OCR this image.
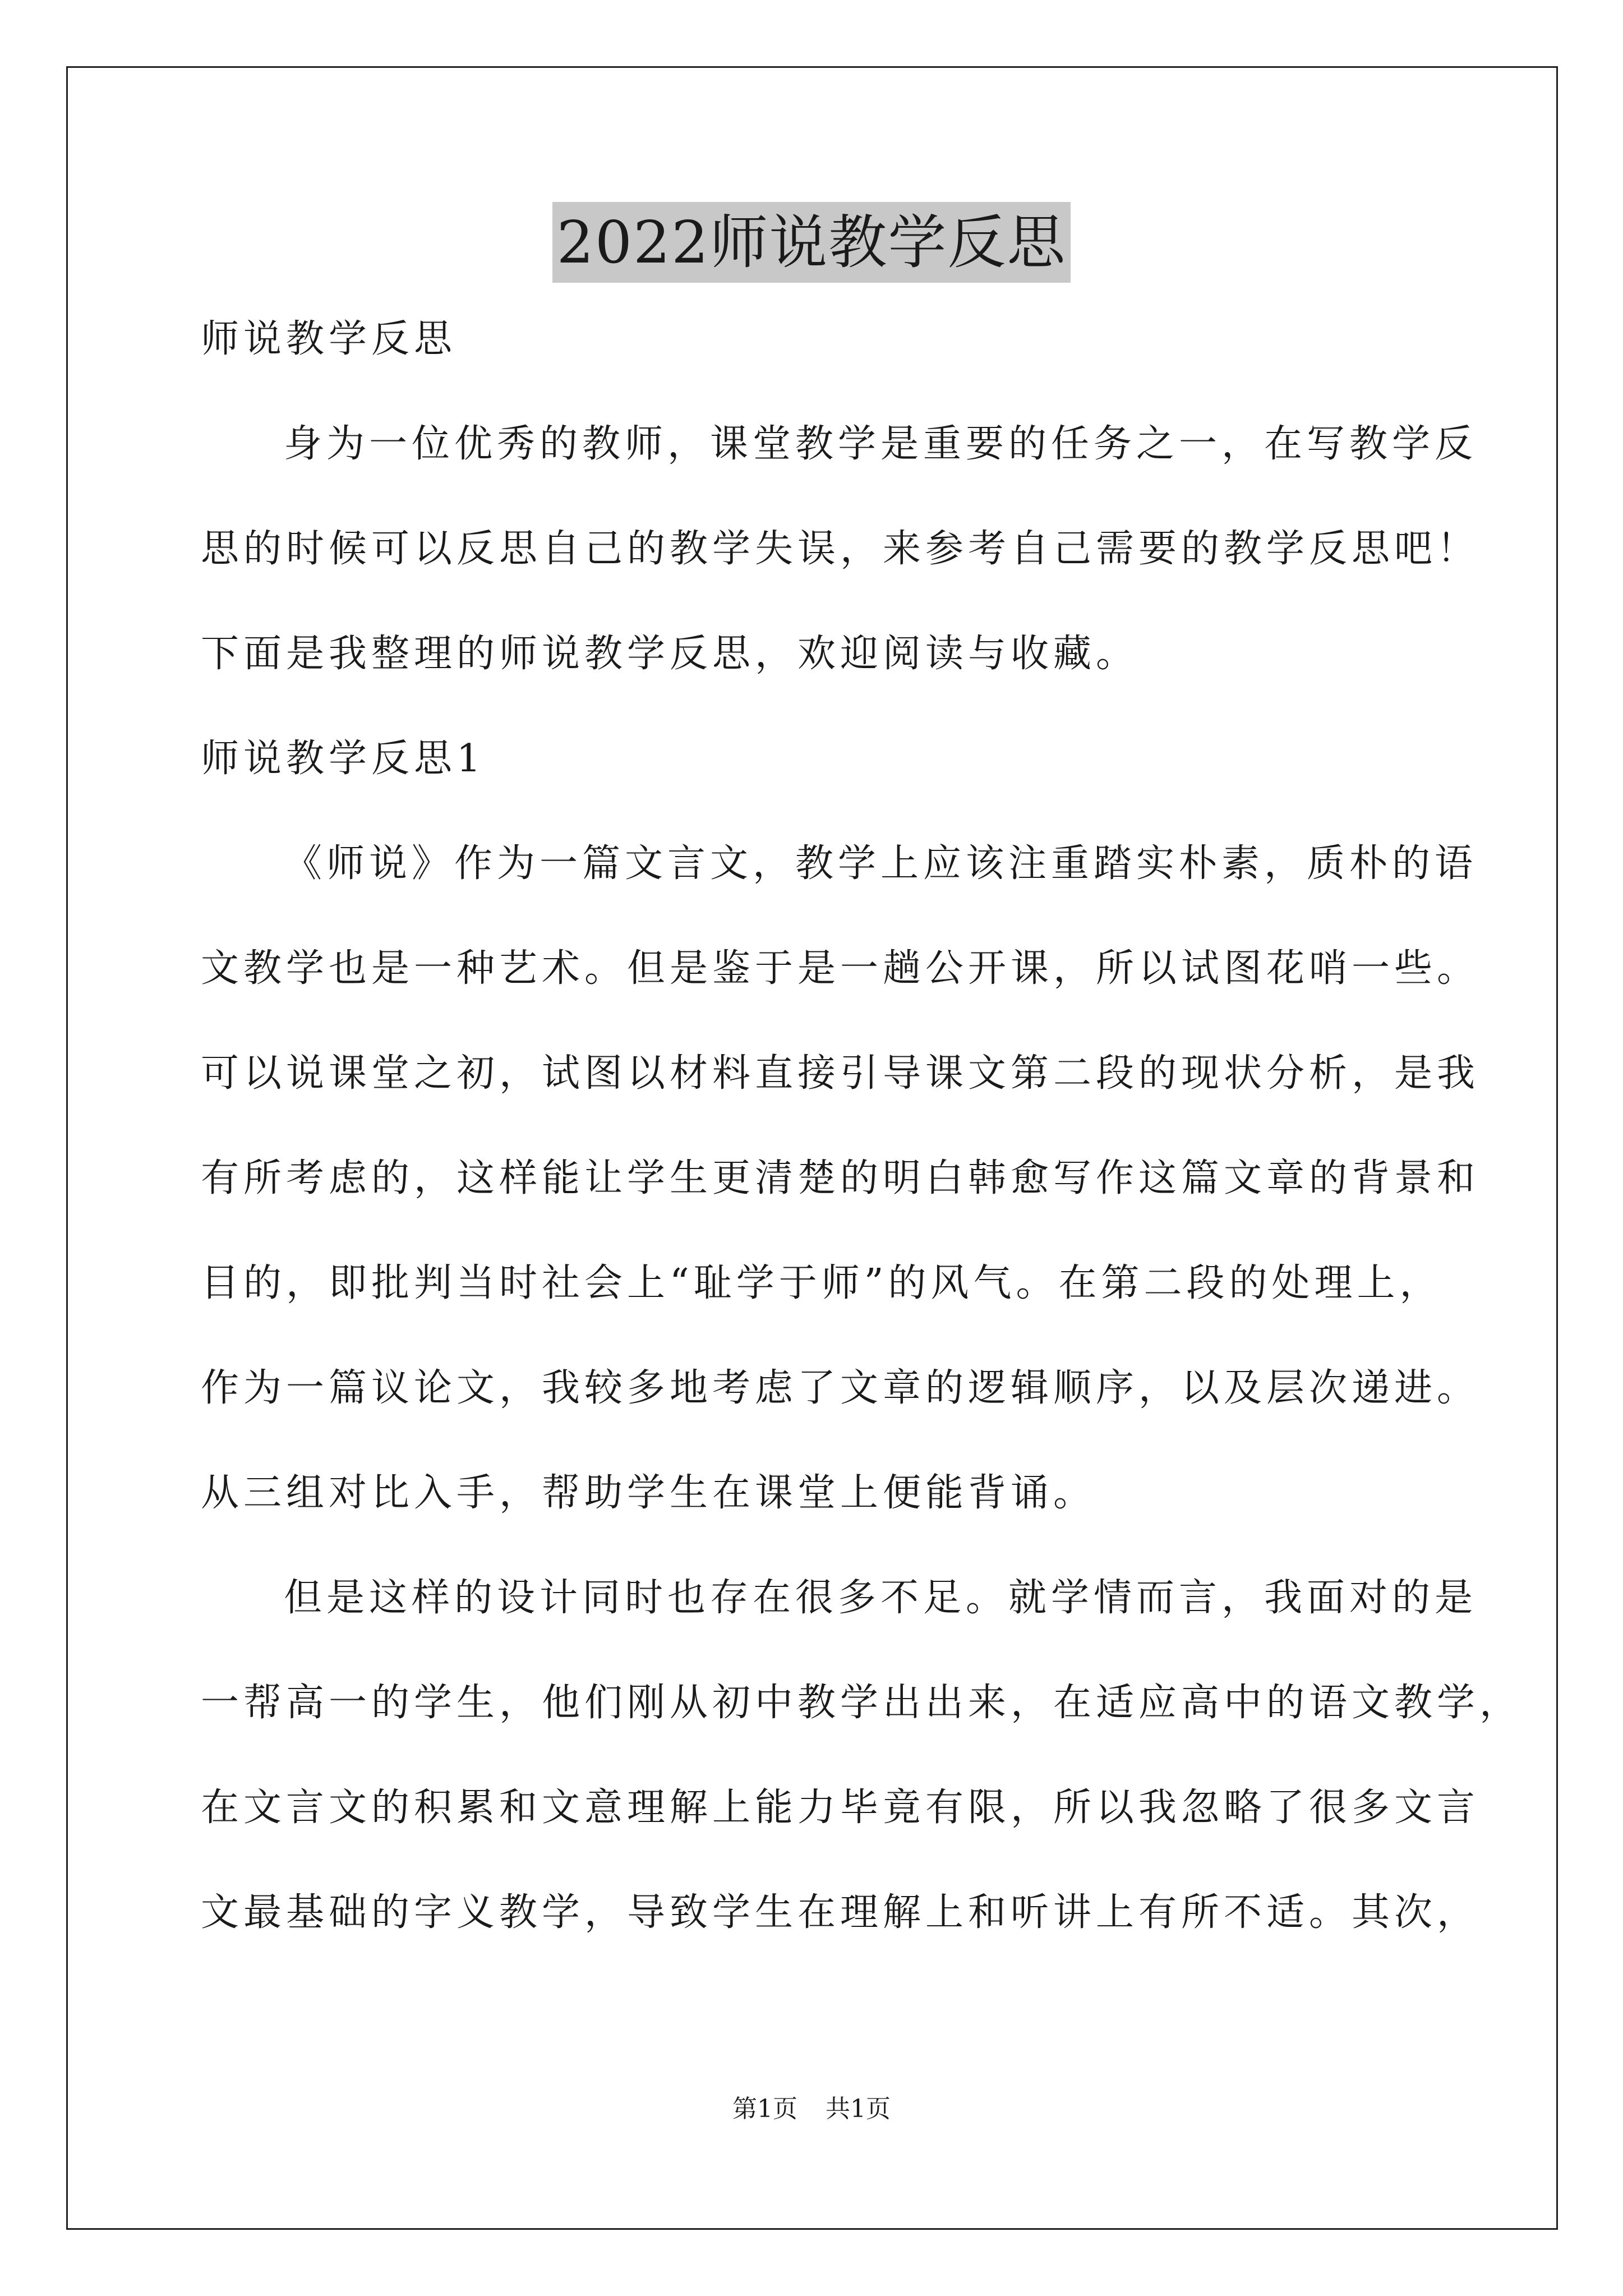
2022师说教学反思
师说教学反思
身为一位优秀的教师，课堂教学是重要的任务之一，在写教学反
思的时候可以反思自己的教学失误，来参考自己需要的教学反思吧！
下面是我整理的师说教学反思，欢迎阅读与收藏。
师说教学反思1
《师说》作为一篇文言文，教学上应该注重踏实朴素，质朴的语
文教学也是一种艺术。但是鉴于是一趟公开课，所以试图花哨一些。
可以说课堂之初，试图以材料直接引导课文第二段的现状分析，是我
有所考虑的，这样能让学生更清楚的明白韩愈写作这篇文章的背景和
目的，即批判当时社会上“耻学于师”的风气。在第二段的处理上，
作为一篇议论文，我较多地考虑了文章的逻辑顺序，以及层次递进。
从三组对比入手，帮助学生在课堂上便能背诵。
但是这样的设计同时也存在很多不足。就学情而言，我面对的是
一帮高一的学生，他们刚从初中教学出出来，在适应高中的语文教学，
在文言文的积累和文意理解上能力毕竟有限，所以我忽略了很多文言
文最基础的字义教学，导致学生在理解上和听讲上有所不适。其次，
第1页 共1页
